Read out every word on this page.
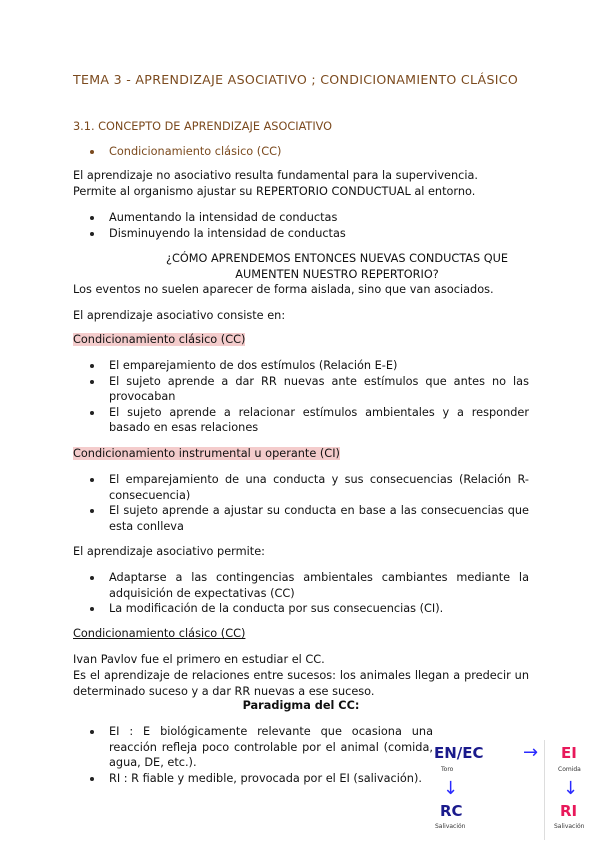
TEMA 3 - APRENDIZAJE ASOCIATIVO ; CONDICIONAMIENTO CLÁSICO
3.1. CONCEPTO DE APRENDIZAJE ASOCIATIVO
Condicionamiento clásico (CC)
El aprendizaje no asociativo resulta fundamental para la supervivencia.
Permite al organismo ajustar su REPERTORIO CONDUCTUAL al entorno.
Aumentando la intensidad de conductas
Disminuyendo la intensidad de conductas
¿CÓMO APRENDEMOS ENTONCES NUEVAS CONDUCTAS QUE AUMENTEN NUESTRO REPERTORIO?
Los eventos no suelen aparecer de forma aislada, sino que van asociados.
El aprendizaje asociativo consiste en:
Condicionamiento clásico (CC)
El emparejamiento de dos estímulos (Relación E-E)
El sujeto aprende a dar RR nuevas ante estímulos que antes no las provocaban
El sujeto aprende a relacionar estímulos ambientales y a responder basado en esas relaciones
Condicionamiento instrumental u operante (CI)
El emparejamiento de una conducta y sus consecuencias (Relación R-consecuencia)
El sujeto aprende a ajustar su conducta en base a las consecuencias que esta conlleva
El aprendizaje asociativo permite:
Adaptarse a las contingencias ambientales cambiantes mediante la adquisición de expectativas (CC)
La modificación de la conducta por sus consecuencias (CI).
Condicionamiento clásico (CC)
Ivan Pavlov fue el primero en estudiar el CC.
Es el aprendizaje de relaciones entre sucesos: los animales llegan a predecir un determinado suceso y a dar RR nuevas a ese suceso.
Paradigma del CC:
EI : E biológicamente relevante que ocasiona una reacción refleja poco controlable por el animal (comida, agua, DE, etc.).
RI : R fiable y medible, provocada por el EI (salivación).
EN/EC
Toro
↓
RC
Salivación
→ EI
Comida
↓
RI
Salivación
